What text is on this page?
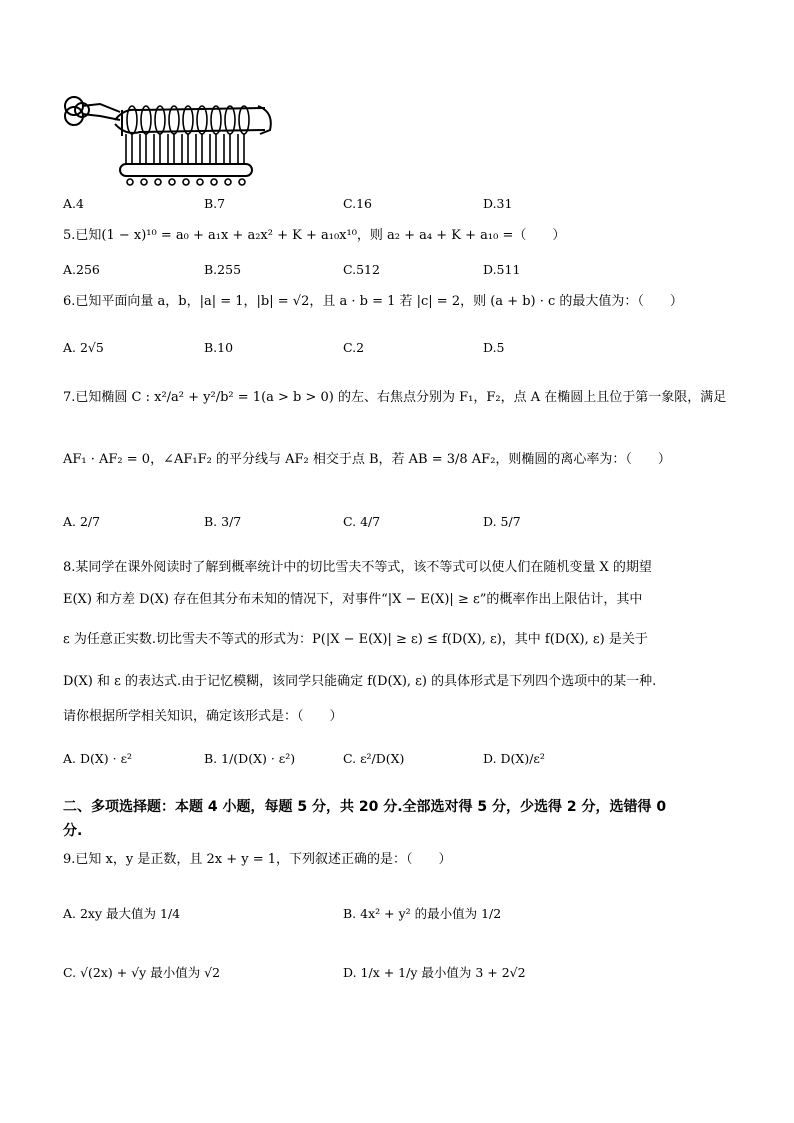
A.4	B.7	C.16	D.31
5.已知(1 − x)¹⁰ = a₀ + a₁x + a₂x² + K + a₁₀x¹⁰，则 a₂ + a₄ + K + a₁₀ =（　　）
A.256	B.255	C.512	D.511
6.已知平面向量 a，b，|a| = 1，|b| = √2，且 a · b = 1 若 |c| = 2，则 (a + b) · c 的最大值为：（　　）
A. 2√5	B.10	C.2	D.5
7.已知椭圆 C : x²/a² + y²/b² = 1(a > b > 0) 的左、右焦点分别为 F₁，F₂，点 A 在椭圆上且位于第一象限，满足
AF₁ · AF₂ = 0，∠AF₁F₂ 的平分线与 AF₂ 相交于点 B，若 AB = 3/8 AF₂，则椭圆的离心率为：（　　）
A. 2/7	B. 3/7	C. 4/7	D. 5/7
8.某同学在课外阅读时了解到概率统计中的切比雪夫不等式，该不等式可以使人们在随机变量 X 的期望
E(X) 和方差 D(X) 存在但其分布未知的情况下，对事件“|X − E(X)| ≥ ε”的概率作出上限估计，其中
ε 为任意正实数.切比雪夫不等式的形式为：P(|X − E(X)| ≥ ε) ≤ f(D(X), ε)，其中 f(D(X), ε) 是关于
D(X) 和 ε 的表达式.由于记忆模糊，该同学只能确定 f(D(X), ε) 的具体形式是下列四个选项中的某一种.
请你根据所学相关知识，确定该形式是：（　　）
A. D(X) · ε²	B. 1/(D(X) · ε²)	C. ε²/D(X)	D. D(X)/ε²
二、多项选择题：本题 4 小题，每题 5 分，共 20 分.全部选对得 5 分，少选得 2 分，选错得 0
分.
9.已知 x，y 是正数，且 2x + y = 1，下列叙述正确的是：（　　）
A. 2xy 最大值为 1/4	B. 4x² + y² 的最小值为 1/2
C. √(2x) + √y 最小值为 √2	D. 1/x + 1/y 最小值为 3 + 2√2
